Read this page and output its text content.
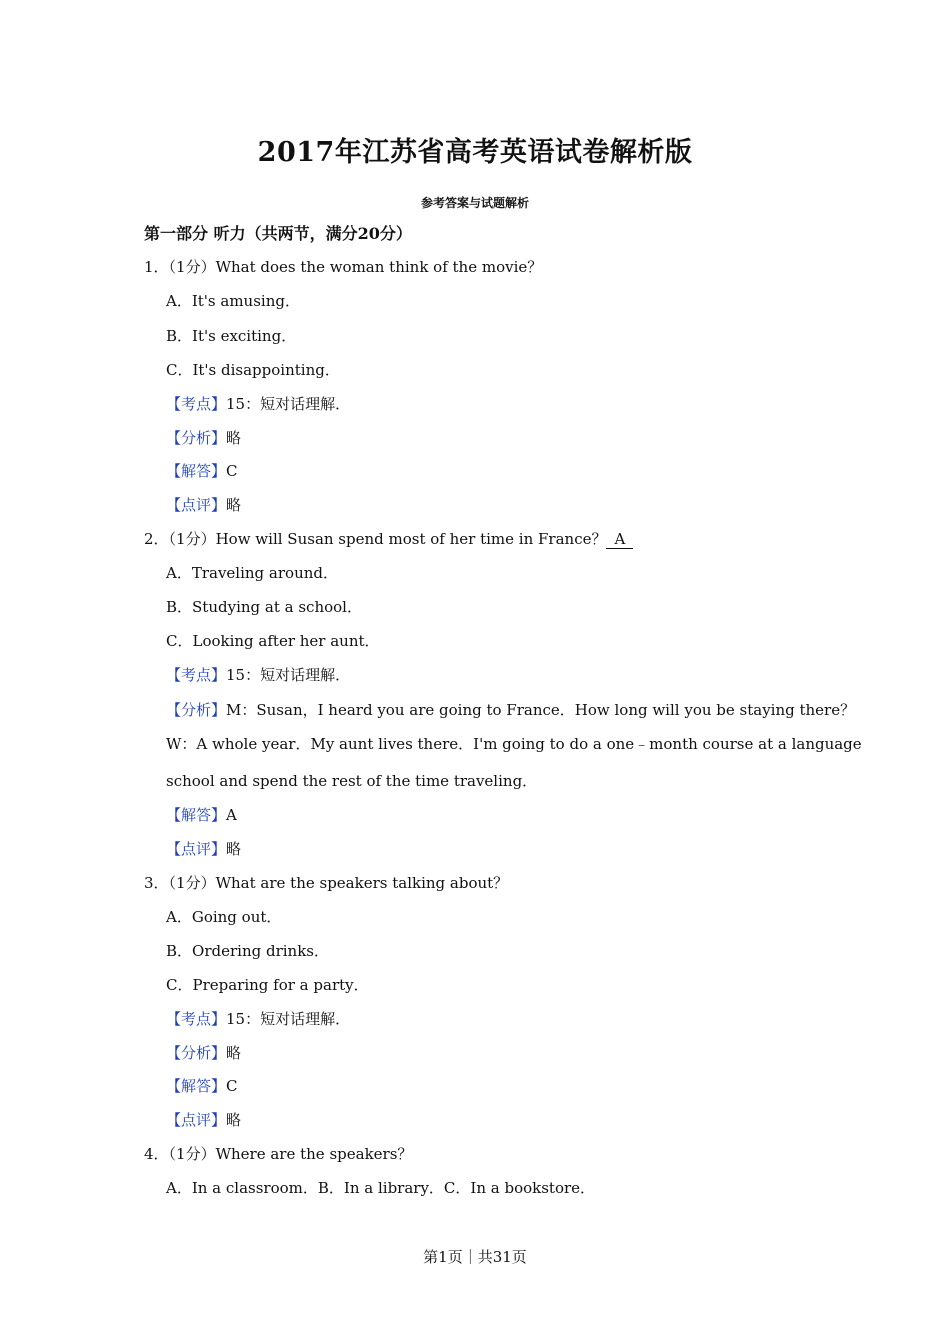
2017年江苏省高考英语试卷解析版
参考答案与试题解析
第一部分 听力（共两节，满分20分）
1．（1分）What does the woman think of the movie？
A．It's amusing．
B．It's exciting．
C．It's disappointing．
【考点】15：短对话理解．
【分析】略
【解答】C
【点评】略
2．（1分）How will Susan spend most of her time in France？ A
A．Traveling around．
B．Studying at a school．
C．Looking after her aunt．
【考点】15：短对话理解．
【分析】M：Susan，I heard you are going to France．How long will you be staying there？
W：A whole year．My aunt lives there．I'm going to do a one﹣month course at a language
school and spend the rest of the time traveling．
【解答】A
【点评】略
3．（1分）What are the speakers talking about？
A．Going out．
B．Ordering drinks．
C．Preparing for a party．
【考点】15：短对话理解．
【分析】略
【解答】C
【点评】略
4．（1分）Where are the speakers？
A．In a classroom．B．In a library．C．In a bookstore．
第1页｜共31页
